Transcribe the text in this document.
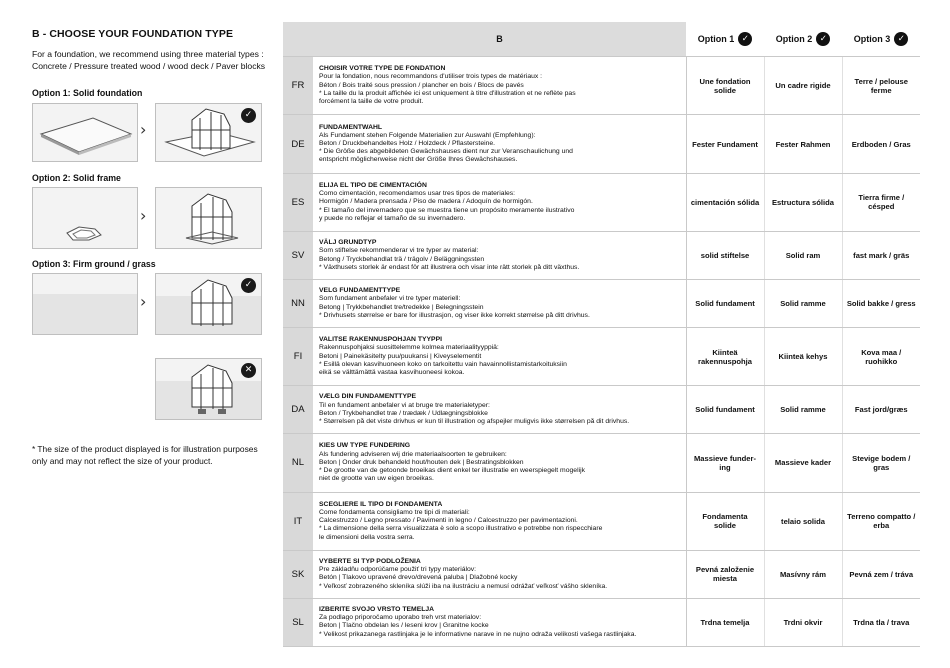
B - CHOOSE YOUR FOUNDATION TYPE
For a foundation, we recommend using three material types : Concrete / Pressure treated wood / wood deck / Paver blocks
Option 1: Solid foundation
›
✓
Option 2: Solid frame
›
Option 3: Firm ground / grass
›
✓
✕
* The size of the product displayed is for illustration purposes only and may not reflect the size of your product.
	B	Option 1 ✓	Option 2 ✓	Option 3 ✓

FR	CHOISIR VOTRE TYPE DE FONDATION
Pour la fondation, nous recommandons d'utiliser trois types de matériaux :
Béton / Bois traité sous pression / plancher en bois / Blocs de pavés
* La taille du la produit affichée ici est uniquement à titre d'illustration et ne reflète pas
forcément la taille de votre produit.	Une fondation solide	Un cadre rigide	Terre / pelouse ferme
DE	FUNDAMENTWAHL
Als Fundament stehen Folgende Materialien zur Auswahl (Empfehlung):
Beton / Druckbehandeltes Holz / Holzdeck / Pflastersteine.
* Die Größe des abgebildeten Gewächshauses dient nur zur Veranschaulichung und
entspricht möglicherweise nicht der Größe Ihres Gewächshauses.	Fester Fundament	Fester Rahmen	Erdboden / Gras
ES	ELIJA EL TIPO DE CIMENTACIÓN
Como cimentación, recomendamos usar tres tipos de materiales:
Hormigón / Madera prensada / Piso de madera / Adoquín de hormigón.
* El tamaño del invernadero que se muestra tiene un propósito meramente ilustrativo
y puede no reflejar el tamaño de su invernadero.	cimentación sólida	Estructura sólida	Tierra firme / césped
SV	VÄLJ GRUNDTYP
Som stiftelse rekommenderar vi tre typer av material:
Betong / Tryckbehandlat trä / trägolv / Beläggningssten
* Växthusets storlek är endast för att illustrera och visar inte rätt storlek på ditt växthus.	solid stiftelse	Solid ram	fast mark / gräs
NN	VELG FUNDAMENTTYPE
Som fundament anbefaler vi tre typer materiell:
Betong | Trykkbehandlet tre/tredekke | Belegningsstein
* Drivhusets størrelse er bare for illustrasjon, og viser ikke korrekt størrelse på ditt drivhus.	Solid fundament	Solid ramme	Solid bakke / gress
FI	VALITSE RAKENNUSPOHJAN TYYPPI
Rakennuspohjaksi suosittelemme kolmea materiaalityyppiä:
Betoni | Painekäsitelty puu/puukansi | Kiveyselementit
* Esillä olevan kasvihuoneen koko on tarkoitettu vain havainnollistamistarkoituksiin
eikä se välttämättä vastaa kasvihuoneesi kokoa.	Kiinteä rakennuspohja	Kiinteä kehys	Kova maa / ruohikko
DA	VÆLG DIN FUNDAMENTTYPE
Til en fundament anbefaler vi at bruge tre materialetyper:
Beton / Trykbehandlet træ / trædæk / Udlægningsblokke
* Størrelsen på det viste drivhus er kun til illustration og afspejler muligvis ikke størrelsen på dit drivhus.	Solid fundament	Solid ramme	Fast jord/græs
NL	KIES UW TYPE FUNDERING
Als fundering adviseren wij drie materiaalsoorten te gebruiken:
Beton | Onder druk behandeld hout/houten dek | Bestratingsblokken
* De grootte van de getoonde broeikas dient enkel ter illustratie en weerspiegelt mogelijk
niet de grootte van uw eigen broeikas.	Massieve funder-ing	Massieve kader	Stevige bodem / gras
IT	SCEGLIERE IL TIPO DI FONDAMENTA
Come fondamenta consigliamo tre tipi di materiali:
Calcestruzzo / Legno pressato / Pavimenti in legno / Calcestruzzo per pavimentazioni.
* La dimensione della serra visualizzata è solo a scopo illustrativo e potrebbe non rispecchiare
le dimensioni della vostra serra.	Fondamenta solide	telaio solida	Terreno compatto / erba
SK	VYBERTE SI TYP PODLOŽENIA
Pre základňu odporúčame použiť tri typy materiálov:
Betón | Tlakovo upravené drevo/drevená paluba | Dlažobné kocky
* Veľkosť zobrazeného skleníka slúži iba na ilustráciu a nemusí odrážať veľkosť vášho skleníka.	Pevná založenie miesta	Masívny rám	Pevná zem / tráva
SL	IZBERITE SVOJO VRSTO TEMELJA
Za podlago priporočamo uporabo treh vrst materialov:
Beton | Tlačno obdelan les / leseni krov | Granitne kocke
* Velikost prikazanega rastlinjaka je le informativne narave in ne nujno odraža velikosti vašega rastlinjaka.	Trdna temelja	Trdni okvir	Trdna tla / trava
